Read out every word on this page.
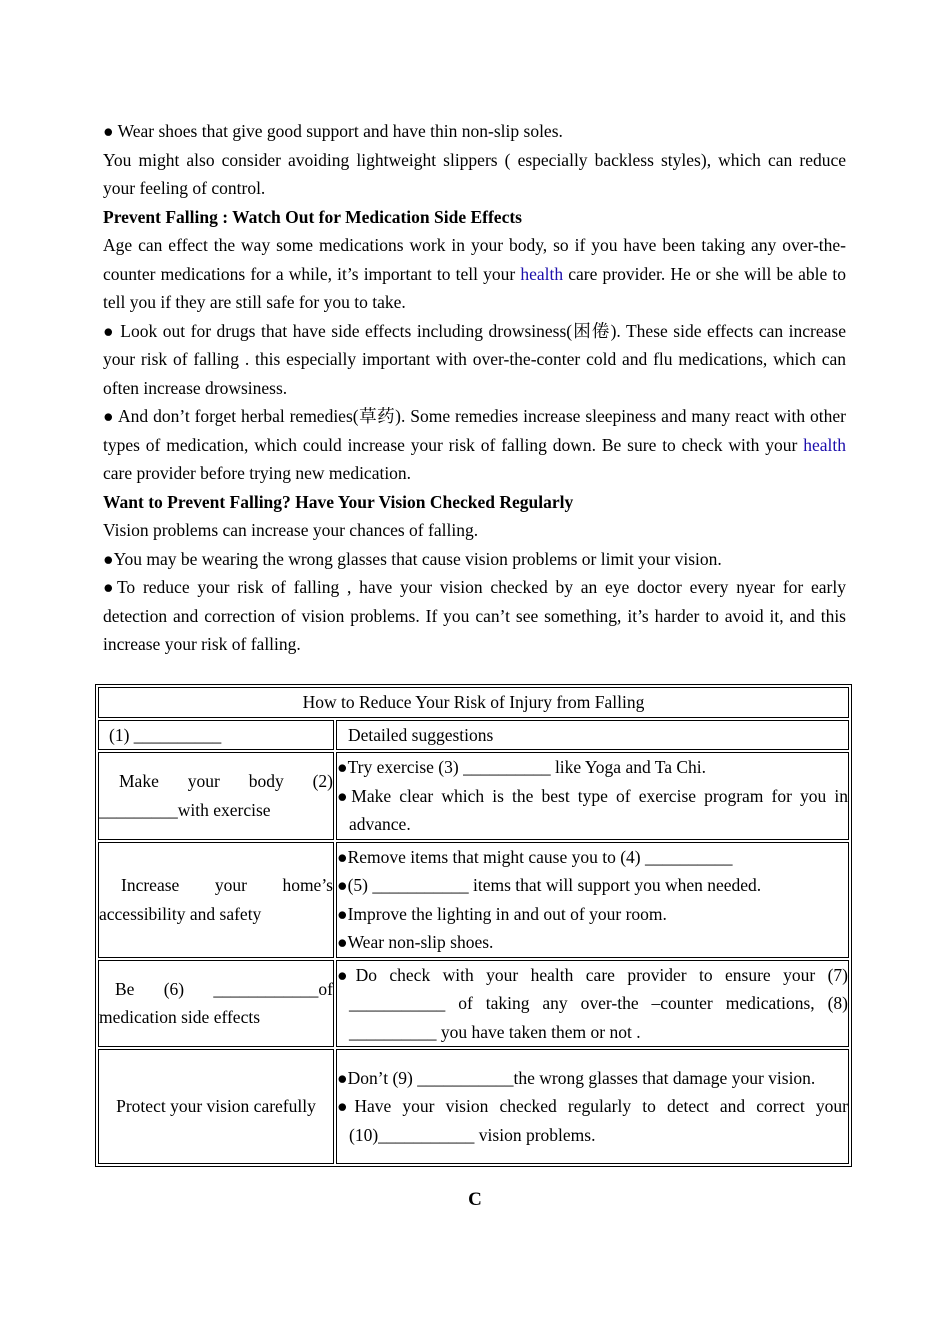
● Wear shoes that give good support and have thin non-slip soles.

You might also consider avoiding lightweight slippers ( especially backless styles), which can reduce your feeling of control.

Prevent Falling : Watch Out for Medication Side Effects

Age can effect the way some medications work in your body, so if you have been taking any over-the-counter medications for a while, it’s important to tell your health care provider. He or she will be able to tell you if they are still safe for you to take.

● Look out for drugs that have side effects including drowsiness(困倦). These side effects can increase your risk of falling . this especially important with over-the-conter cold and flu medications, which can often increase drowsiness.

● And don’t forget herbal remedies(草药). Some remedies increase sleepiness and many react with other types of medication, which could increase your risk of falling down. Be sure to check with your health care provider before trying new medication.

Want to Prevent Falling? Have Your Vision Checked Regularly

Vision problems can increase your chances of falling.

●You may be wearing the wrong glasses that cause vision problems or limit your vision.

●To reduce your risk of falling , have your vision checked by an eye doctor every nyear for early detection and correction of vision problems. If you can’t see something, it’s harder to avoid it, and this increase your risk of falling.

How to Reduce Your Risk of Injury from Falling	
(1) __________	Detailed suggestions
Make your body (2) _________with exercise	●Try exercise (3) __________ like Yoga and Ta Chi.
●Make clear which is the best type of exercise program for you in advance.

Increase your home’s accessibility and safety	●Remove items that might cause you to (4) __________
●(5) ___________ items that will support you when needed.
●Improve the lighting in and out of your room.
●Wear non-slip shoes.

Be (6) ____________of medication side effects	●Do check with your health care provider to ensure your (7) ___________ of taking any over-the –counter medications, (8) __________ you have taken them or not .

Protect your vision carefully	●Don’t (9) ___________the wrong glasses that damage your vision.
●Have your vision checked regularly to detect and correct your (10)___________ vision problems.
C
